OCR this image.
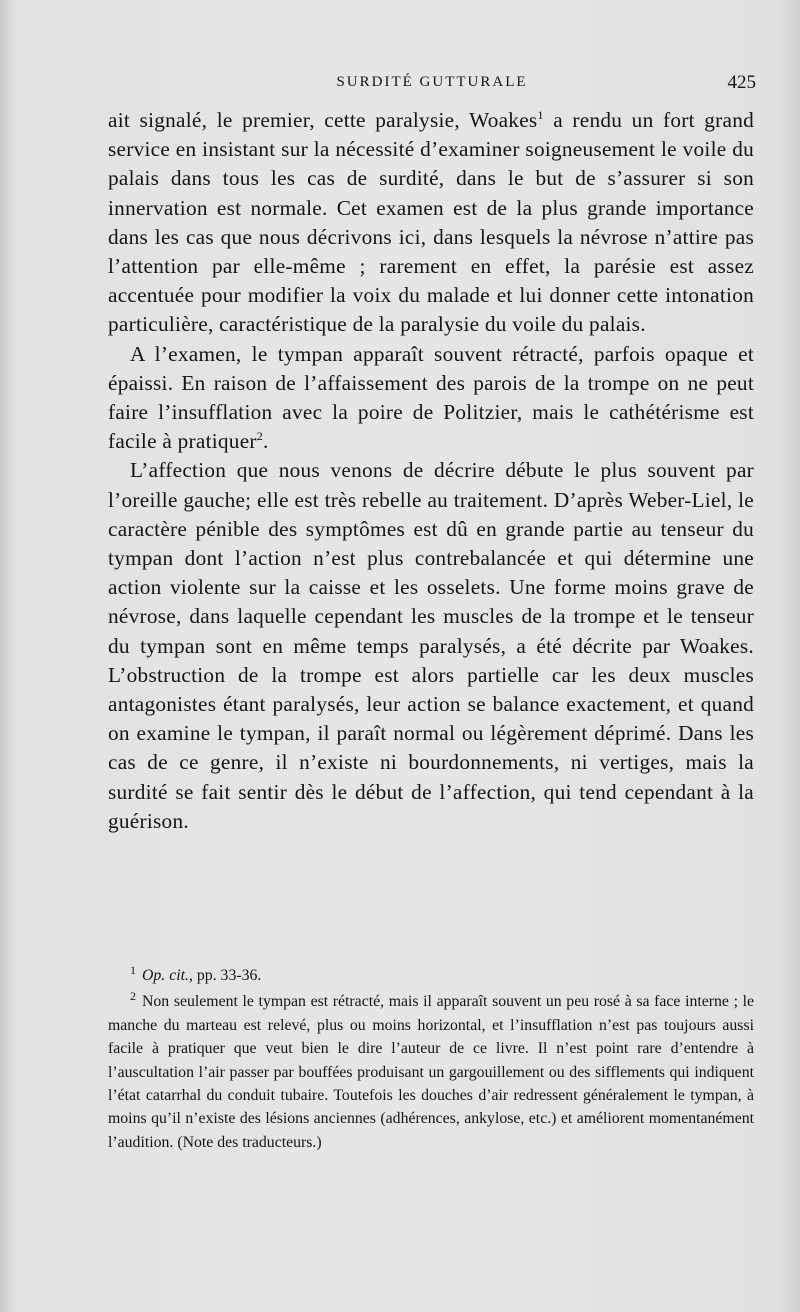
SURDITÉ GUTTURALE	425

ait signalé, le premier, cette paralysie, Woakes$^1$ a rendu un fort grand service en insistant sur la nécessité d’examiner soigneusement le voile du palais dans tous les cas de surdité, dans le but de s’assurer si son innervation est normale. Cet examen est de la plus grande importance dans les cas que nous décrivons ici, dans lesquels la névrose n’attire pas l’attention par elle-même ; rarement en effet, la parésie est assez accentuée pour modifier la voix du malade et lui donner cette intonation particulière, caractéristique de la paralysie du voile du palais.

A l’examen, le tympan apparaît souvent rétracté, parfois opaque et épaissi. En raison de l’affaissement des parois de la trompe on ne peut faire l’insufflation avec la poire de Politzier, mais le cathétérisme est facile à pratiquer$^2$.

L’affection que nous venons de décrire débute le plus souvent par l’oreille gauche; elle est très rebelle au traitement. D’après Weber-Liel, le caractère pénible des symptômes est dû en grande partie au tenseur du tympan dont l’action n’est plus contrebalancée et qui détermine une action violente sur la caisse et les osselets. Une forme moins grave de névrose, dans laquelle cependant les muscles de la trompe et le tenseur du tympan sont en même temps paralysés, a été décrite par Woakes. L’obstruction de la trompe est alors partielle car les deux muscles antagonistes étant paralysés, leur action se balance exactement, et quand on examine le tympan, il paraît normal ou légèrement déprimé. Dans les cas de ce genre, il n’existe ni bourdonnements, ni vertiges, mais la surdité se fait sentir dès le début de l’affection, qui tend cependant à la guérison.

$^1$ Op. cit., pp. 33-36.

$^2$ Non seulement le tympan est rétracté, mais il apparaît souvent un peu rosé à sa face interne ; le manche du marteau est relevé, plus ou moins horizontal, et l’insufflation n’est pas toujours aussi facile à pratiquer que veut bien le dire l’auteur de ce livre. Il n’est point rare d’entendre à l’auscultation l’air passer par bouffées produisant un gargouillement ou des sifflements qui indiquent l’état catarrhal du conduit tubaire. Toutefois les douches d’air redressent généralement le tympan, à moins qu’il n’existe des lésions anciennes (adhérences, ankylose, etc.) et améliorent momentanément l’audition. (Note des traducteurs.)
